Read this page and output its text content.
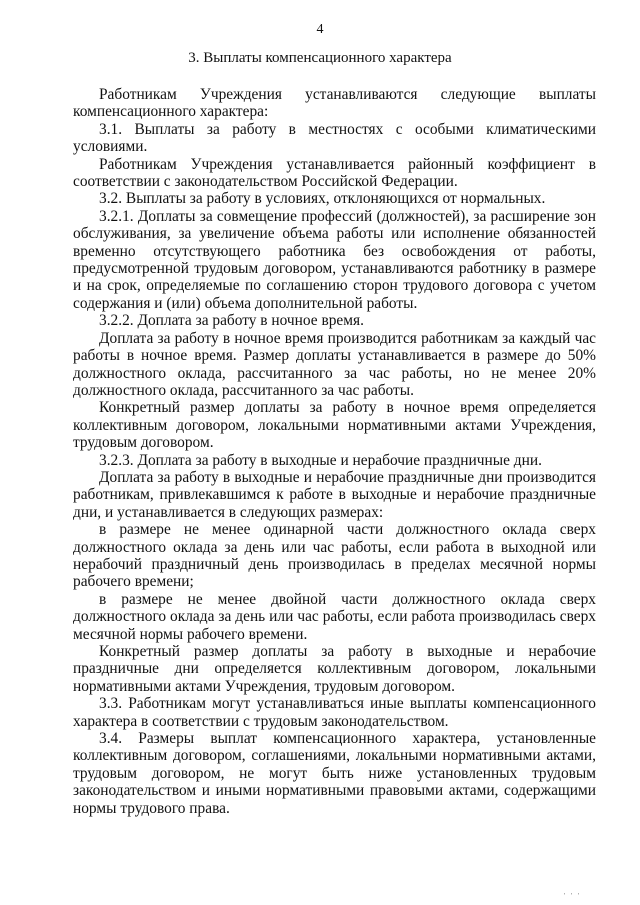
4
3. Выплаты компенсационного характера

Работникам Учреждения устанавливаются следующие выплаты компенсационного характера:

3.1. Выплаты за работу в местностях с особыми климатическими условиями.

Работникам Учреждения устанавливается районный коэффициент в соответствии с законодательством Российской Федерации.

3.2. Выплаты за работу в условиях, отклоняющихся от нормальных.

3.2.1. Доплаты за совмещение профессий (должностей), за расширение зон обслуживания, за увеличение объема работы или исполнение обязанностей временно отсутствующего работника без освобождения от работы, предусмотренной трудовым договором, устанавливаются работнику в размере и на срок, определяемые по соглашению сторон трудового договора с учетом содержания и (или) объема дополнительной работы.

3.2.2. Доплата за работу в ночное время.

Доплата за работу в ночное время производится работникам за каждый час работы в ночное время. Размер доплаты устанавливается в размере до 50% должностного оклада, рассчитанного за час работы, но не менее 20% должностного оклада, рассчитанного за час работы.

Конкретный размер доплаты за работу в ночное время определяется коллективным договором, локальными нормативными актами Учреждения, трудовым договором.

3.2.3. Доплата за работу в выходные и нерабочие праздничные дни.

Доплата за работу в выходные и нерабочие праздничные дни производится работникам, привлекавшимся к работе в выходные и нерабочие праздничные дни, и устанавливается в следующих размерах:

в размере не менее одинарной части должностного оклада сверх должностного оклада за день или час работы, если работа в выходной или нерабочий праздничный день производилась в пределах месячной нормы рабочего времени;

в размере не менее двойной части должностного оклада сверх должностного оклада за день или час работы, если работа производилась сверх месячной нормы рабочего времени.

Конкретный размер доплаты за работу в выходные и нерабочие праздничные дни определяется коллективным договором, локальными нормативными актами Учреждения, трудовым договором.

3.3. Работникам могут устанавливаться иные выплаты компенсационного характера в соответствии с трудовым законодательством.

3.4. Размеры выплат компенсационного характера, установленные коллективным договором, соглашениями, локальными нормативными актами, трудовым договором, не могут быть ниже установленных трудовым законодательством и иными нормативными правовыми актами, содержащими нормы трудового права.

' ' '
